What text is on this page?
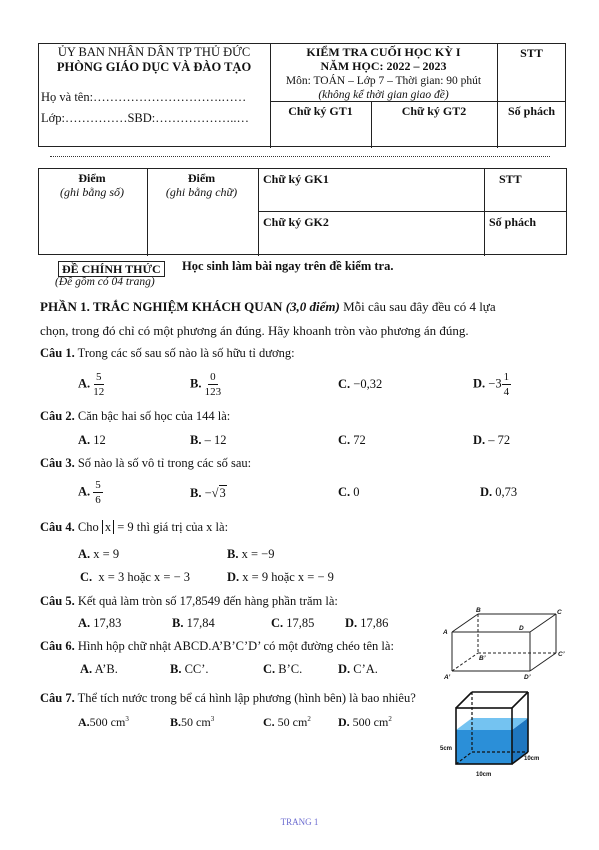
ỦY BAN NHÂN DÂN TP THỦ ĐỨC
PHÒNG GIÁO DỤC VÀ ĐÀO TẠO
Họ và tên:………………………….……
Lớp:……………SBD:………………..…
KIỂM TRA CUỐI HỌC KỲ I
NĂM HỌC: 2022 – 2023
Môn: TOÁN – Lớp 7 – Thời gian: 90 phút
(không kể thời gian giao đề)
STT
Chữ ký GT1	Chữ ký GT2	Số phách
Điểm
(ghi bằng số)
Điểm
(ghi bằng chữ)
Chữ ký GK1
Chữ ký GK2
STT
Số phách
ĐỀ CHÍNH THỨC
(Đề gồm có 04 trang)
Học sinh làm bài ngay trên đề kiểm tra.
PHẦN 1. TRẮC NGHIỆM KHÁCH QUAN (3,0 điểm) Mỗi câu sau đây đều có 4 lựa
chọn, trong đó chỉ có một phương án đúng. Hãy khoanh tròn vào phương án đúng.
Câu 1. Trong các số sau số nào là số hữu tỉ dương:
A. $\frac{5}{12}$	B. $\frac{0}{123}$	C. −0,32	D. $-3 \frac{1}{4}$
Câu 2. Căn bậc hai số học của 144 là:
A. 12	B. – 12	C. 72	D. – 72
Câu 3. Số nào là số vô tỉ trong các số sau:
A. $\frac{5}{6}$	B. −√3	C. 0	D. 0,73
Câu 4. Cho x = 9 thì giá trị của x là:
A. x = 9	B. x = −9
C. x = 3 hoặc x = − 3	D. x = 9 hoặc x = − 9
Câu 5. Kết quả làm tròn số 17,8549 đến hàng phần trăm là:
A. 17,83	B. 17,84	C. 17,85 D. 17,86
Câu 6. Hình hộp chữ nhật ABCD.A’B’C’D’ có một đường chéo tên là:
A. A’B.	B. CC’.	C. B’C.	D. C’A.
Câu 7. Thể tích nước trong bể cá hình lập phương (hình bên) là bao nhiêu?
A.500 $cm^3$	B.50 $cm^3$	C. 50 $cm^2$ D. 500 $cm^2$
B	C
A
D
B’
C’
A’	D’
5cm
10cm
10cm
TRANG 1
